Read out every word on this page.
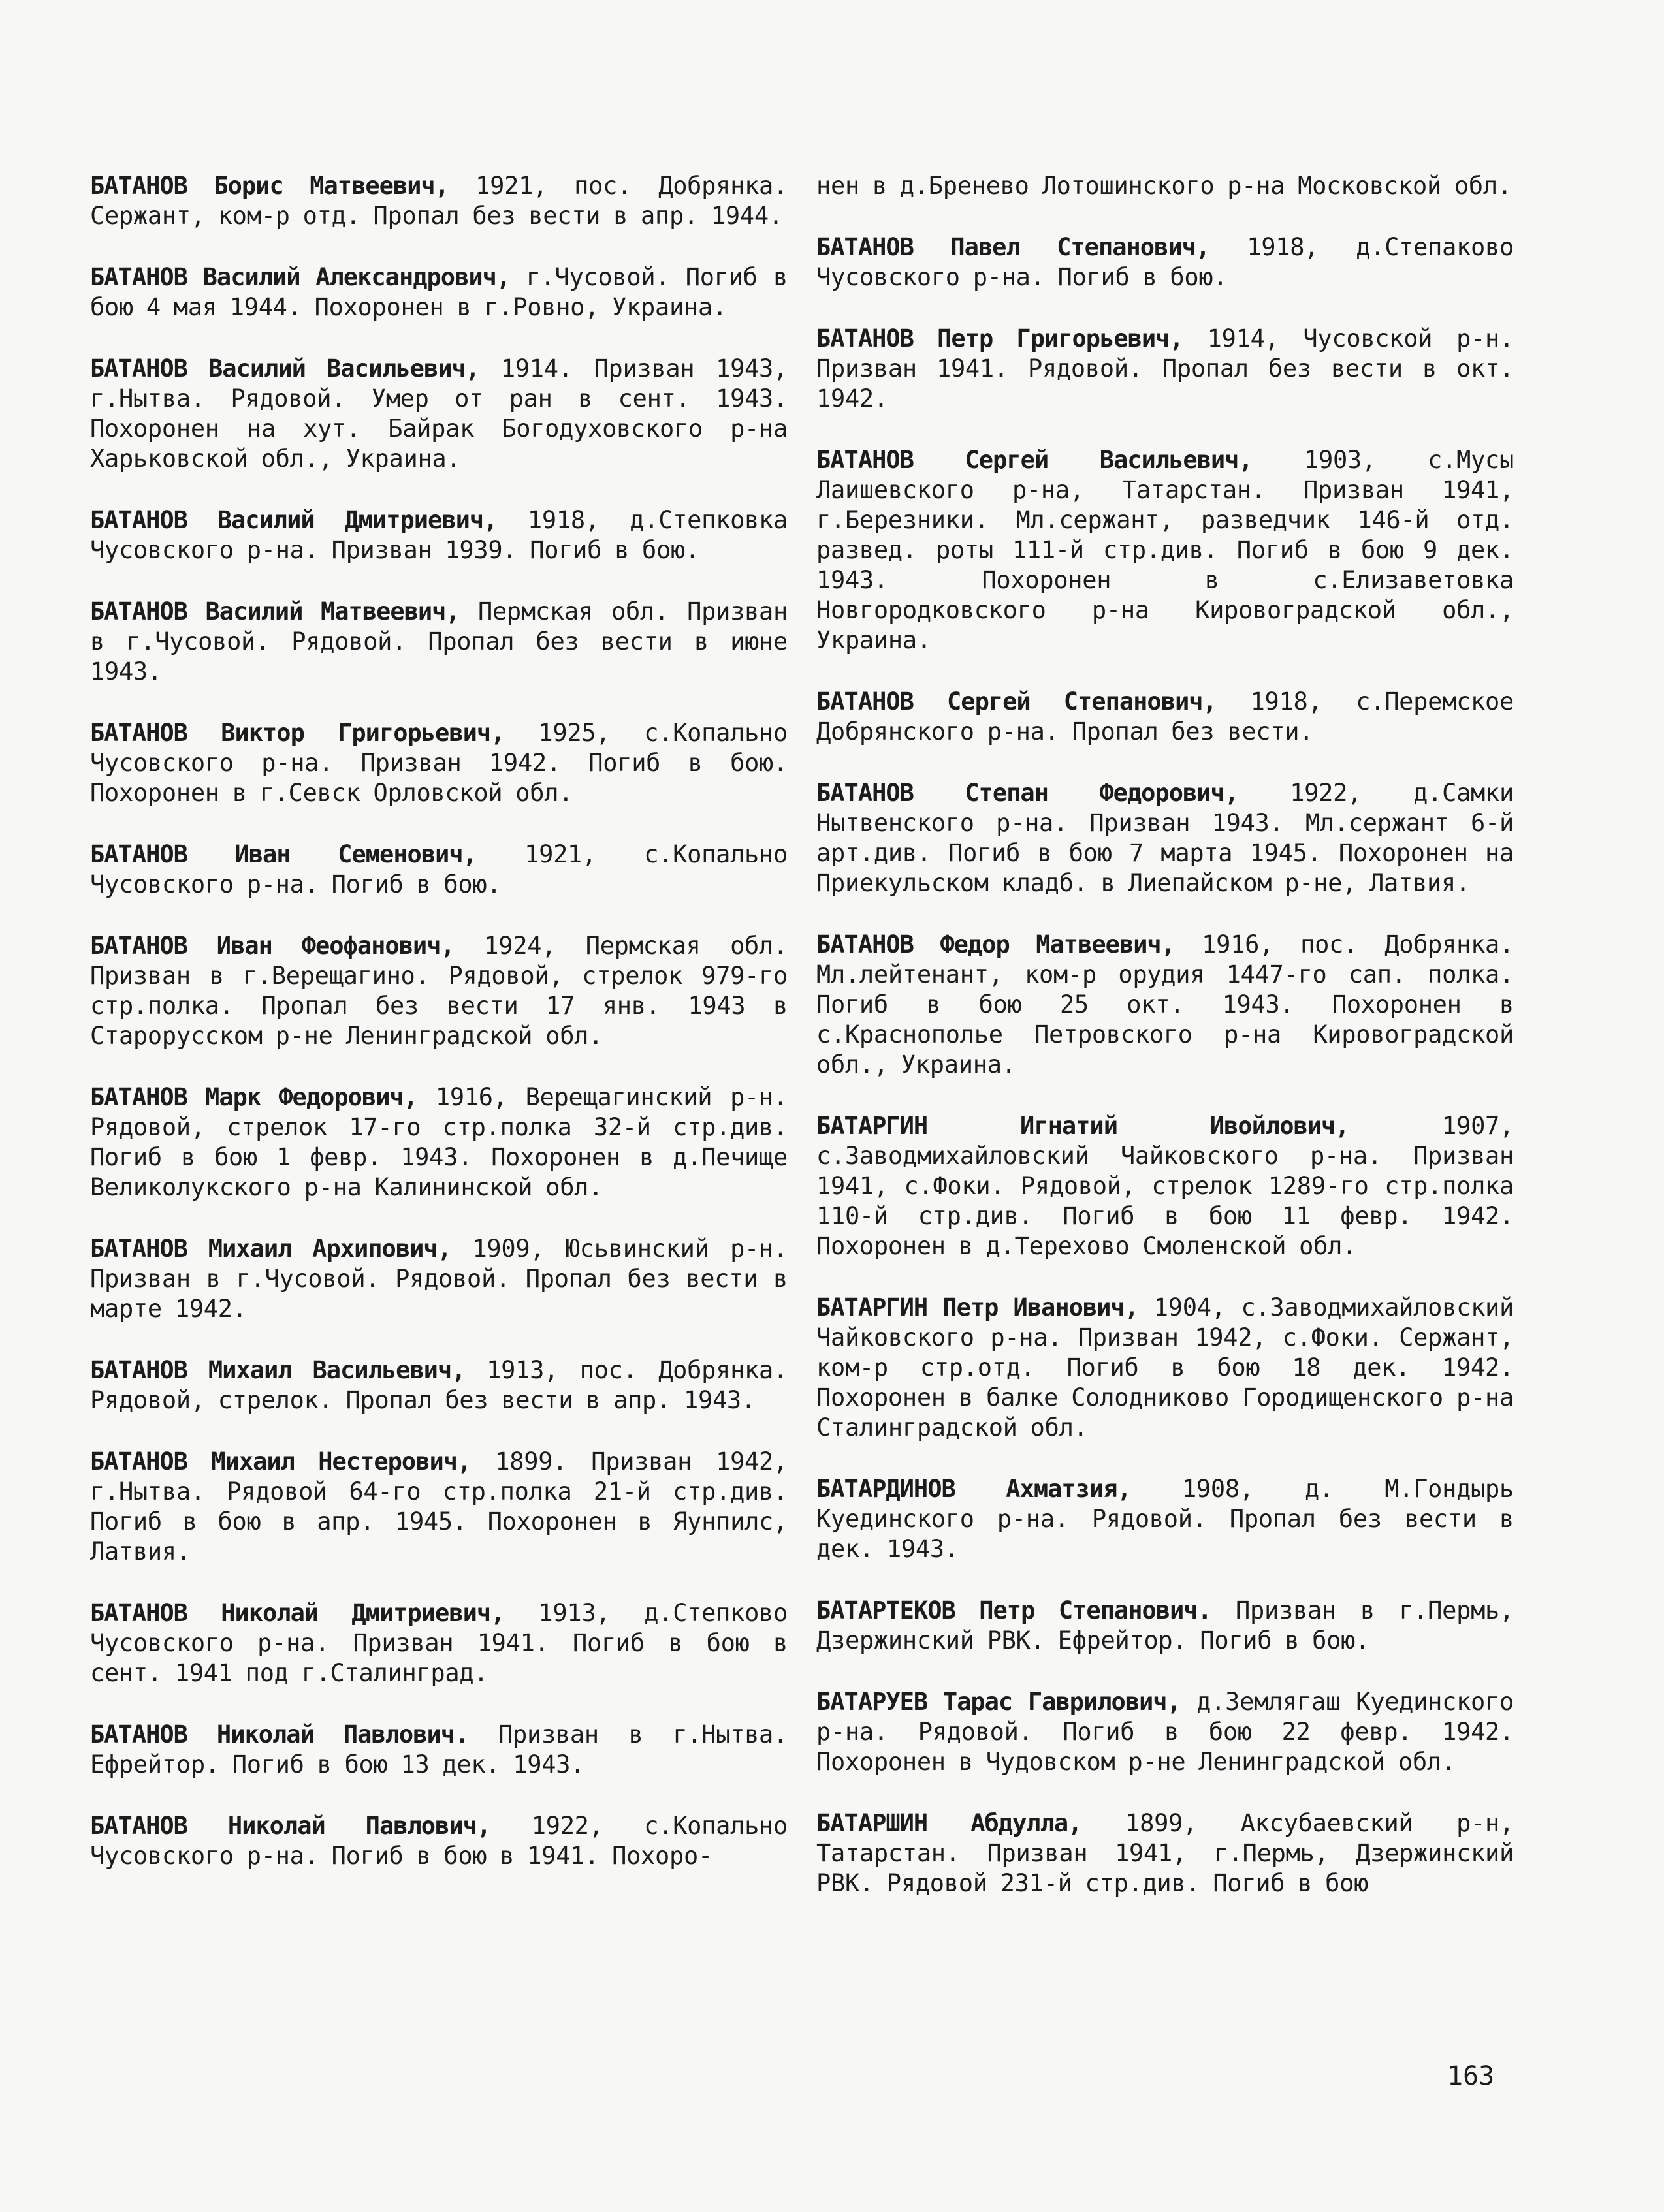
БАТАНОВ Борис Матвеевич, 1921, пос. Добрянка. Сержант, ком-р отд. Пропал без вести в апр. 1944.

БАТАНОВ Василий Александрович, г.Чусовой. Погиб в бою 4 мая 1944. Похоронен в г.Ровно, Украина.

БАТАНОВ Василий Васильевич, 1914. Призван 1943, г.Нытва. Рядовой. Умер от ран в сент. 1943. Похоронен на хут. Байрак Богодуховского р-на Харьковской обл., Украина.

БАТАНОВ Василий Дмитриевич, 1918, д.Степковка Чусовского р-на. Призван 1939. Погиб в бою.

БАТАНОВ Василий Матвеевич, Пермская обл. Призван в г.Чусовой. Рядовой. Пропал без вести в июне 1943.

БАТАНОВ Виктор Григорьевич, 1925, с.Копально Чусовского р-на. Призван 1942. Погиб в бою. Похоронен в г.Севск Орловской обл.

БАТАНОВ Иван Семенович, 1921, с.Копально Чусовского р-на. Погиб в бою.

БАТАНОВ Иван Феофанович, 1924, Пермская обл. Призван в г.Верещагино. Рядовой, стрелок 979-го стр.полка. Пропал без вести 17 янв. 1943 в Старорусском р-не Ленинградской обл.

БАТАНОВ Марк Федорович, 1916, Верещагинский р-н. Рядовой, стрелок 17-го стр.полка 32-й стр.див. Погиб в бою 1 февр. 1943. Похоронен в д.Печище Великолукского р-на Калининской обл.

БАТАНОВ Михаил Архипович, 1909, Юсьвинский р-н. Призван в г.Чусовой. Рядовой. Пропал без вести в марте 1942.

БАТАНОВ Михаил Васильевич, 1913, пос. Добрянка. Рядовой, стрелок. Пропал без вести в апр. 1943.

БАТАНОВ Михаил Нестерович, 1899. Призван 1942, г.Нытва. Рядовой 64-го стр.полка 21-й стр.див. Погиб в бою в апр. 1945. Похоронен в Яунпилс, Латвия.

БАТАНОВ Николай Дмитриевич, 1913, д.Степково Чусовского р-на. Призван 1941. Погиб в бою в сент. 1941 под г.Сталинград.

БАТАНОВ Николай Павлович. Призван в г.Нытва. Ефрейтор. Погиб в бою 13 дек. 1943.

БАТАНОВ Николай Павлович, 1922, с.Копально Чусовского р-на. Погиб в бою в 1941. Похоро-

нен в д.Бренево Лотошинского р-на Московской обл.

БАТАНОВ Павел Степанович, 1918, д.Степаково Чусовского р-на. Погиб в бою.

БАТАНОВ Петр Григорьевич, 1914, Чусовской р-н. Призван 1941. Рядовой. Пропал без вести в окт. 1942.

БАТАНОВ Сергей Васильевич, 1903, с.Мусы Лаишевского р-на, Татарстан. Призван 1941, г.Березники. Мл.сержант, разведчик 146-й отд. развед. роты 111-й стр.див. Погиб в бою 9 дек. 1943. Похоронен в с.Елизаветовка Новгородковского р-на Кировоградской обл., Украина.

БАТАНОВ Сергей Степанович, 1918, с.Перемское Добрянского р-на. Пропал без вести.

БАТАНОВ Степан Федорович, 1922, д.Самки Нытвенского р-на. Призван 1943. Мл.сержант 6-й арт.див. Погиб в бою 7 марта 1945. Похоронен на Приекульском кладб. в Лиепайском р-не, Латвия.

БАТАНОВ Федор Матвеевич, 1916, пос. Добрянка. Мл.лейтенант, ком-р орудия 1447-го сап. полка. Погиб в бою 25 окт. 1943. Похоронен в с.Краснополье Петровского р-на Кировоградской обл., Украина.

БАТАРГИН Игнатий Ивойлович, 1907, с.Заводмихайловский Чайковского р-на. Призван 1941, с.Фоки. Рядовой, стрелок 1289-го стр.полка 110-й стр.див. Погиб в бою 11 февр. 1942. Похоронен в д.Терехово Смоленской обл.

БАТАРГИН Петр Иванович, 1904, с.Заводмихайловский Чайковского р-на. Призван 1942, с.Фоки. Сержант, ком-р стр.отд. Погиб в бою 18 дек. 1942. Похоронен в балке Солодниково Городищенского р-на Сталинградской обл.

БАТАРДИНОВ Ахматзия, 1908, д. М.Гондырь Куединского р-на. Рядовой. Пропал без вести в дек. 1943.

БАТАРТЕКОВ Петр Степанович. Призван в г.Пермь, Дзержинский РВК. Ефрейтор. Погиб в бою.

БАТАРУЕВ Тарас Гаврилович, д.Землягаш Куединского р-на. Рядовой. Погиб в бою 22 февр. 1942. Похоронен в Чудовском р-не Ленинградской обл.

БАТАРШИН Абдулла, 1899, Аксубаевский р-н, Татарстан. Призван 1941, г.Пермь, Дзержинский РВК. Рядовой 231-й стр.див. Погиб в бою

163
